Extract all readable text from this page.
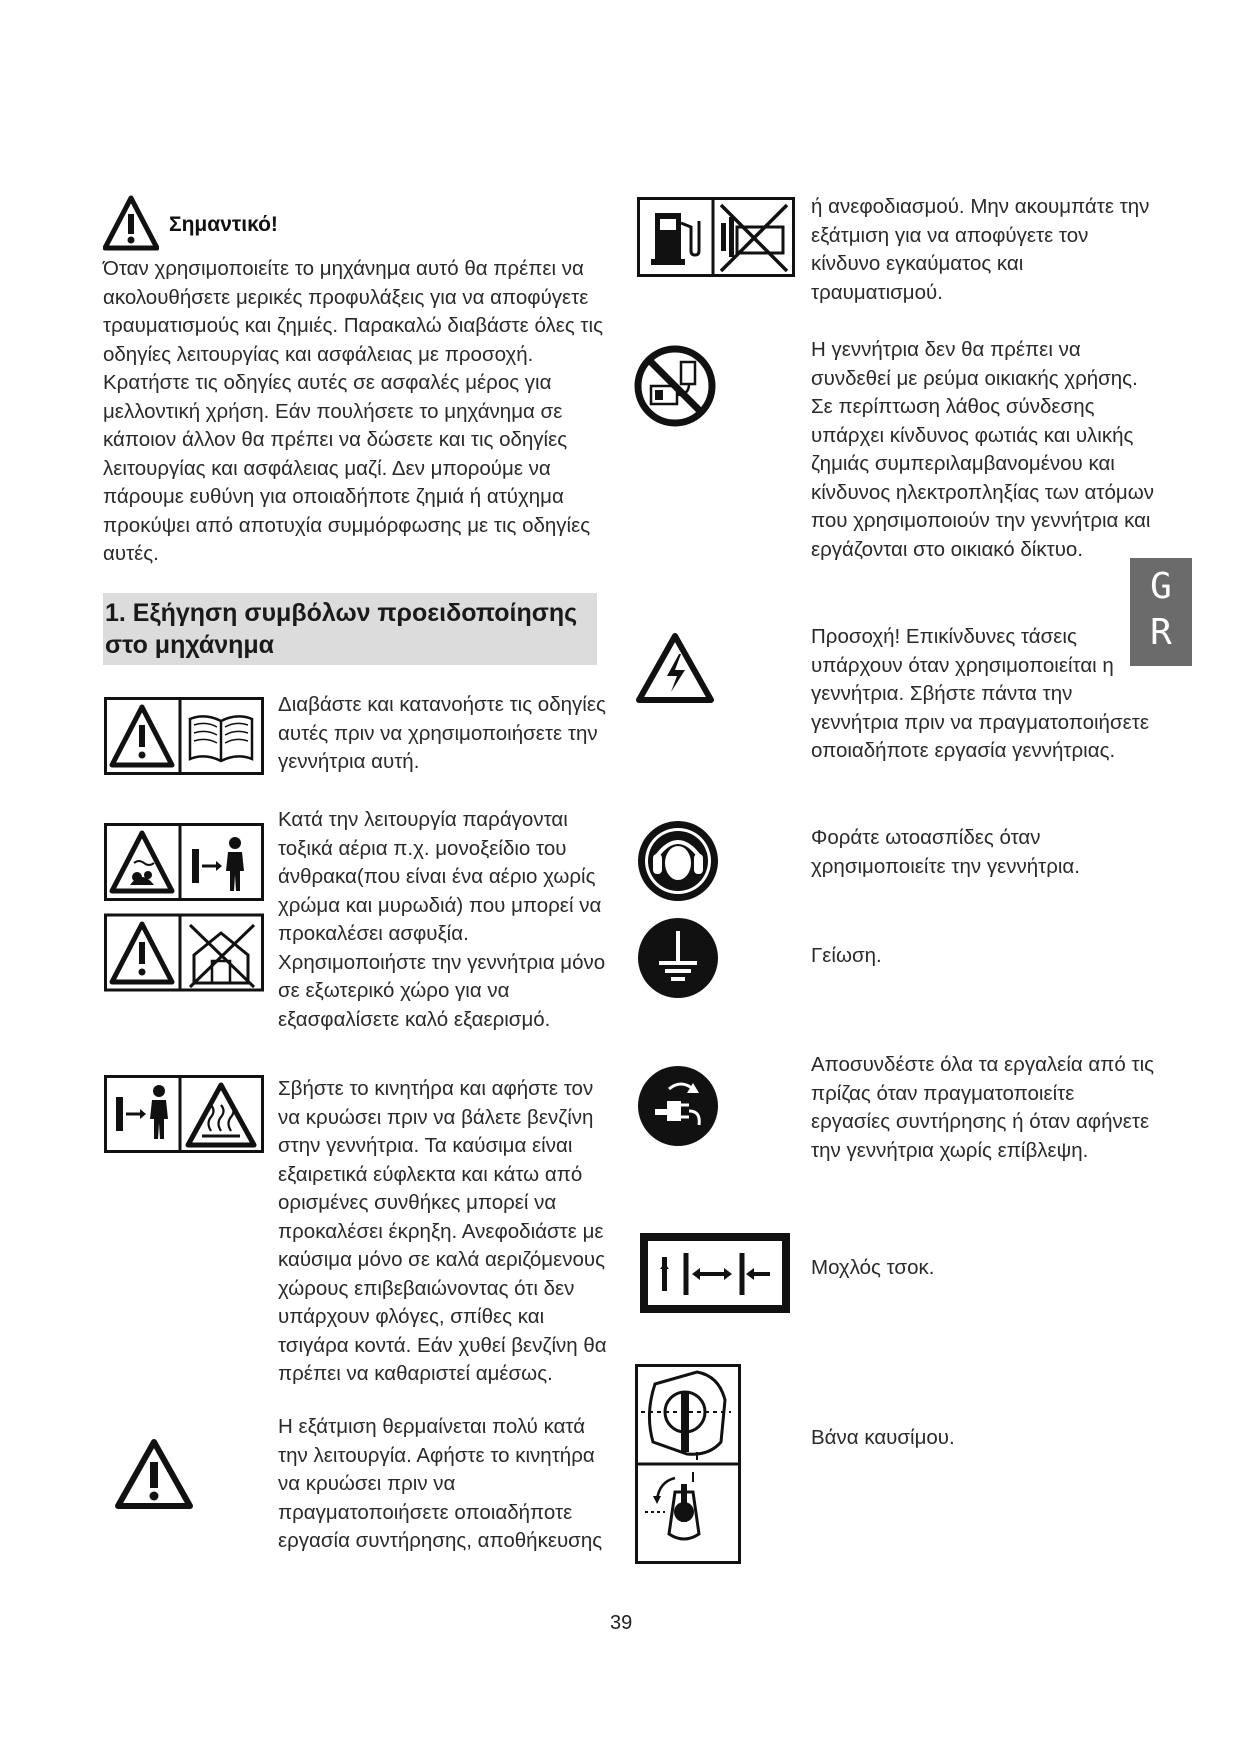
Σημαντικό!
Όταν χρησιμοποιείτε το μηχάνημα αυτό θα πρέπει να ακολουθήσετε μερικές προφυλάξεις για να αποφύγετε τραυματισμούς και ζημιές. Παρακαλώ διαβάστε όλες τις οδηγίες λειτουργίας και ασφάλειας με προσοχή. Κρατήστε τις οδηγίες αυτές σε ασφαλές μέρος για μελλοντική χρήση. Εάν πουλήσετε το μηχάνημα σε κάποιον άλλον θα πρέπει να δώσετε και τις οδηγίες λειτουργίας και ασφάλειας μαζί. Δεν μπορούμε να πάρουμε ευθύνη για οποιαδήποτε ζημιά ή ατύχημα προκύψει από αποτυχία συμμόρφωσης με τις οδηγίες αυτές.
1. Εξήγηση συμβόλων προειδοποίησης στο μηχάνημα
Διαβάστε και κατανοήστε τις οδηγίες αυτές πριν να χρησιμοποιήσετε την γεννήτρια αυτή.
Κατά την λειτουργία παράγονται τοξικά αέρια π.χ. μονοξείδιο του άνθρακα(που είναι ένα αέριο χωρίς χρώμα και μυρωδιά) που μπορεί να προκαλέσει ασφυξία. Χρησιμοποιήστε την γεννήτρια μόνο σε εξωτερικό χώρο για να εξασφαλίσετε καλό εξαερισμό.
Σβήστε το κινητήρα και αφήστε τον να κρυώσει πριν να βάλετε βενζίνη στην γεννήτρια. Τα καύσιμα είναι εξαιρετικά εύφλεκτα και κάτω από ορισμένες συνθήκες μπορεί να προκαλέσει έκρηξη. Ανεφοδιάστε με καύσιμα μόνο σε καλά αεριζόμενους χώρους επιβεβαιώνοντας ότι δεν υπάρχουν φλόγες, σπίθες και τσιγάρα κοντά. Εάν χυθεί βενζίνη θα πρέπει να καθαριστεί αμέσως.
Η εξάτμιση θερμαίνεται πολύ κατά την λειτουργία. Αφήστε το κινητήρα να κρυώσει πριν να πραγματοποιήσετε οποιαδήποτε εργασία συντήρησης, αποθήκευσης
ή ανεφοδιασμού. Μην ακουμπάτε την εξάτμιση για να αποφύγετε τον κίνδυνο εγκαύματος και τραυματισμού.
Η γεννήτρια δεν θα πρέπει να συνδεθεί με ρεύμα οικιακής χρήσης. Σε περίπτωση λάθος σύνδεσης υπάρχει κίνδυνος φωτιάς και υλικής ζημιάς συμπεριλαμβανομένου και κίνδυνος ηλεκτροπληξίας των ατόμων που χρησιμοποιούν την γεννήτρια και εργάζονται στο οικιακό δίκτυο.
Προσοχή! Επικίνδυνες τάσεις υπάρχουν όταν χρησιμοποιείται η γεννήτρια. Σβήστε πάντα την γεννήτρια πριν να πραγματοποιήσετε οποιαδήποτε εργασία γεννήτριας.
Φοράτε ωτοασπίδες όταν χρησιμοποιείτε την γεννήτρια.
Γείωση.
Αποσυνδέστε όλα τα εργαλεία από τις πρίζας όταν πραγματοποιείτε εργασίες συντήρησης ή όταν αφήνετε την γεννήτρια χωρίς επίβλεψη.
Μοχλός τσοκ.
Βάνα καυσίμου.
G
R
39
